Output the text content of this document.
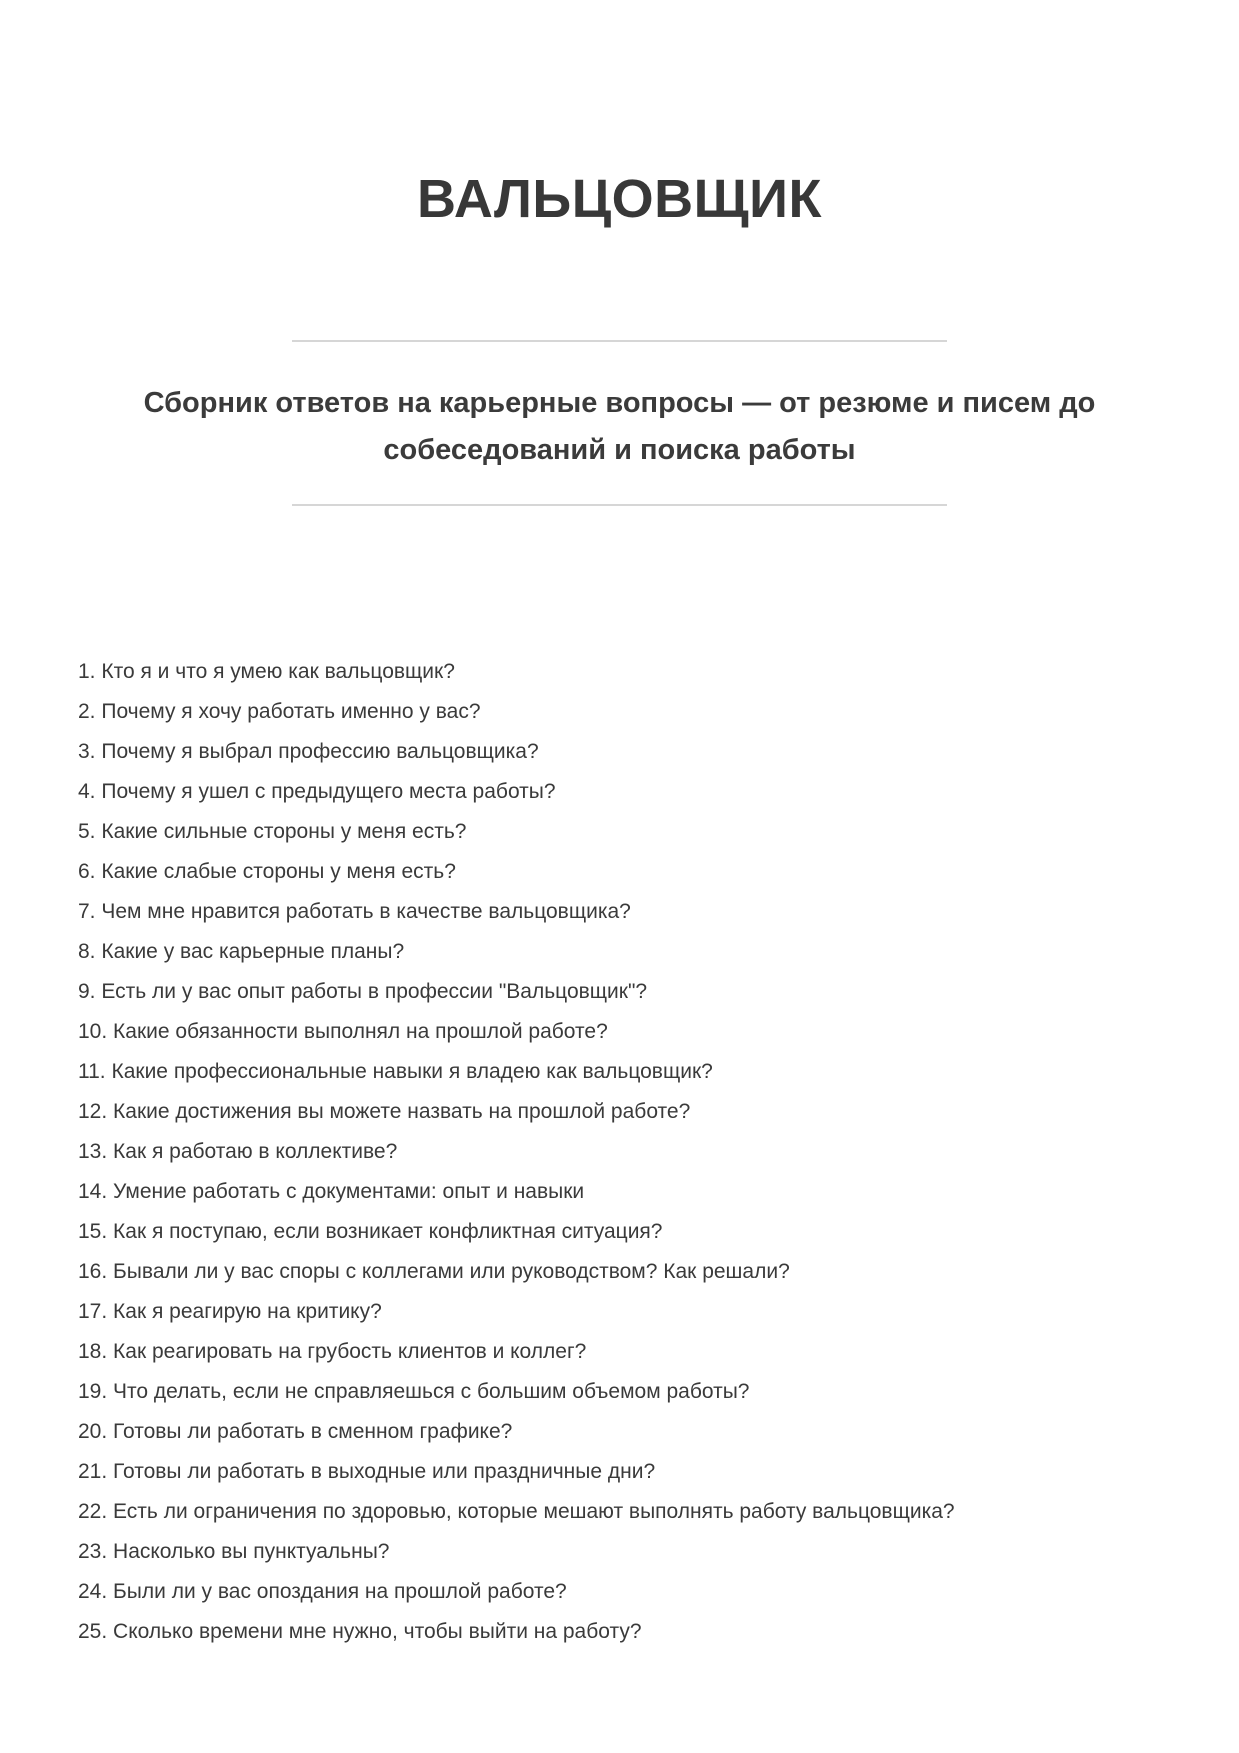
ВАЛЬЦОВЩИК
Сборник ответов на карьерные вопросы — от резюме и писем до
собеседований и поиска работы
1. Кто я и что я умею как вальцовщик?
2. Почему я хочу работать именно у вас?
3. Почему я выбрал профессию вальцовщика?
4. Почему я ушел с предыдущего места работы?
5. Какие сильные стороны у меня есть?
6. Какие слабые стороны у меня есть?
7. Чем мне нравится работать в качестве вальцовщика?
8. Какие у вас карьерные планы?
9. Есть ли у вас опыт работы в профессии "Вальцовщик"?
10. Какие обязанности выполнял на прошлой работе?
11. Какие профессиональные навыки я владею как вальцовщик?
12. Какие достижения вы можете назвать на прошлой работе?
13. Как я работаю в коллективе?
14. Умение работать с документами: опыт и навыки
15. Как я поступаю, если возникает конфликтная ситуация?
16. Бывали ли у вас споры с коллегами или руководством? Как решали?
17. Как я реагирую на критику?
18. Как реагировать на грубость клиентов и коллег?
19. Что делать, если не справляешься с большим объемом работы?
20. Готовы ли работать в сменном графике?
21. Готовы ли работать в выходные или праздничные дни?
22. Есть ли ограничения по здоровью, которые мешают выполнять работу вальцовщика?
23. Насколько вы пунктуальны?
24. Были ли у вас опоздания на прошлой работе?
25. Сколько времени мне нужно, чтобы выйти на работу?
